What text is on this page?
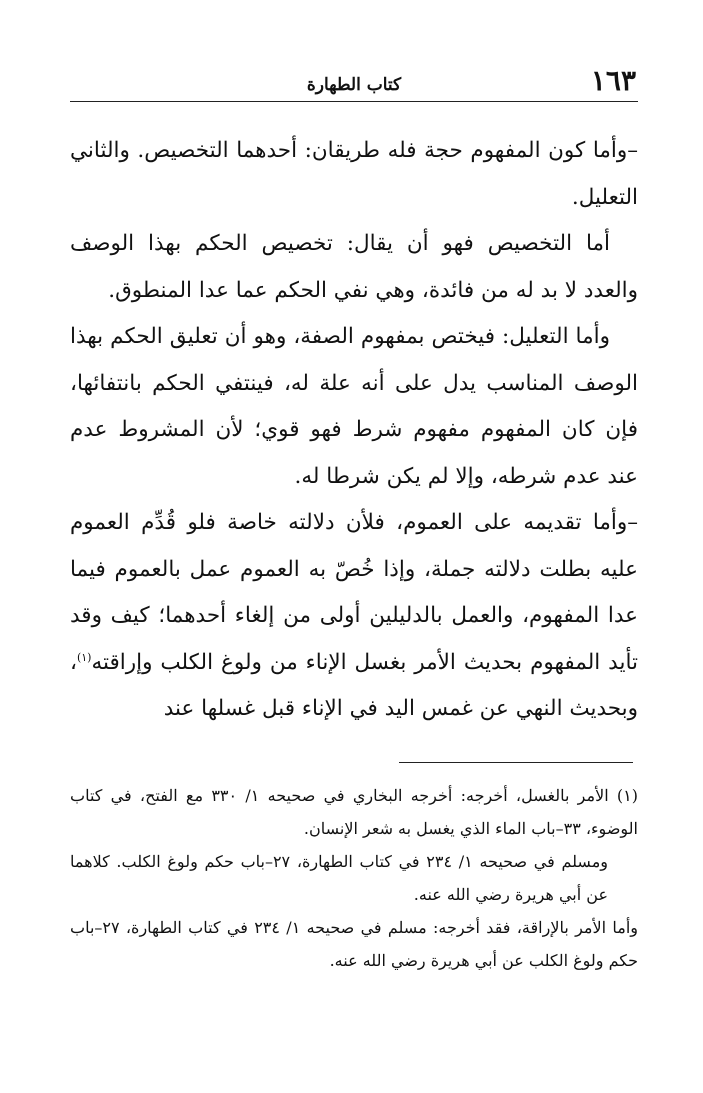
١٦٣
كتاب الطهارة

–وأما كون المفهوم حجة فله طريقان: أحدهما التخصيص. والثاني التعليل.

أما التخصيص فهو أن يقال: تخصيص الحكم بهذا الوصف والعدد لا بد له من فائدة، وهي نفي الحكم عما عدا المنطوق.

وأما التعليل: فيختص بمفهوم الصفة، وهو أن تعليق الحكم بهذا الوصف المناسب يدل على أنه علة له، فينتفي الحكم بانتفائها، فإن كان المفهوم مفهوم شرط فهو قوي؛ لأن المشروط عدم عند عدم شرطه، وإلا لم يكن شرطا له.

–وأما تقديمه على العموم، فلأن دلالته خاصة فلو قُدِّم العموم عليه بطلت دلالته جملة، وإذا خُصّ به العموم عمل بالعموم فيما عدا المفهوم، والعمل بالدليلين أولى من إلغاء أحدهما؛ كيف وقد تأيد المفهوم بحديث الأمر بغسل الإناء من ولوغ الكلب وإراقته$^{(١)}$، وبحديث النهي عن غمس اليد في الإناء قبل غسلها عند

(١) الأمر بالغسل، أخرجه: أخرجه البخاري في صحيحه ١/ ٣٣٠ مع الفتح، في كتاب الوضوء، ٣٣–باب الماء الذي يغسل به شعر الإنسان.

ومسلم في صحيحه ١/ ٢٣٤ في كتاب الطهارة، ٢٧–باب حكم ولوغ الكلب. كلاهما عن أبي هريرة رضي الله عنه.

وأما الأمر بالإراقة، فقد أخرجه: مسلم في صحيحه ١/ ٢٣٤ في كتاب الطهارة، ٢٧–باب حكم ولوغ الكلب عن أبي هريرة رضي الله عنه.
